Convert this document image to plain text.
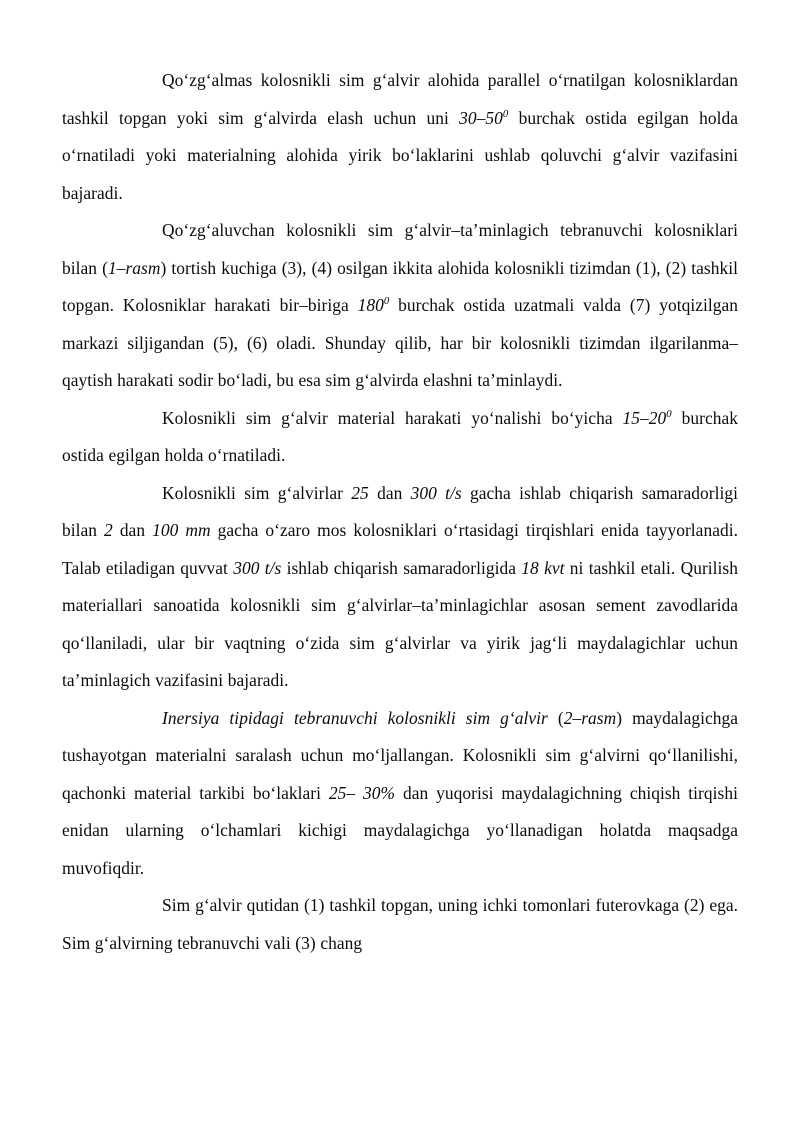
Qo‘zg‘almas kolosnikli sim g‘alvir alohida parallel o‘rnatilgan kolosniklardan tashkil topgan yoki sim g‘alvirda elash uchun uni $30-50^0$ burchak ostida egilgan holda o‘rnatiladi yoki materialning alohida yirik bo‘laklarini ushlab qoluvchi g‘alvir vazifasini bajaradi.

Qo‘zg‘aluvchan kolosnikli sim g‘alvir–ta’minlagich tebranuvchi kolosniklari bilan (1–rasm) tortish kuchiga (3), (4) osilgan ikkita alohida kolosnikli tizimdan (1), (2) tashkil topgan. Kolosniklar harakati bir–biriga $180^0$ burchak ostida uzatmali valda (7) yotqizilgan markazi siljigandan (5), (6) oladi. Shunday qilib, har bir kolosnikli tizimdan ilgarilanma–qaytish harakati sodir bo‘ladi, bu esa sim g‘alvirda elashni ta’minlaydi.

Kolosnikli sim g‘alvir material harakati yo‘nalishi bo‘yicha $15-20^0$ burchak ostida egilgan holda o‘rnatiladi.

Kolosnikli sim g‘alvirlar 25 dan 300 t/s gacha ishlab chiqarish samaradorligi bilan 2 dan 100 mm gacha o‘zaro mos kolosniklari o‘rtasidagi tirqishlari enida tayyorlanadi. Talab etiladigan quvvat 300 t/s ishlab chiqarish samaradorligida 18 kvt ni tashkil etali. Qurilish materiallari sanoatida kolosnikli sim g‘alvirlar–ta’minlagichlar asosan sement zavodlarida qo‘llaniladi, ular bir vaqtning o‘zida sim g‘alvirlar va yirik jag‘li maydalagichlar uchun ta’minlagich vazifasini bajaradi.

Inersiya tipidagi tebranuvchi kolosnikli sim g‘alvir (2–rasm) maydalagichga tushayotgan materialni saralash uchun mo‘ljallangan. Kolosnikli sim g‘alvirni qo‘llanilishi, qachonki material tarkibi bo‘laklari 25– 30% dan yuqorisi maydalagichning chiqish tirqishi enidan ularning o‘lchamlari kichigi maydalagichga yo‘llanadigan holatda maqsadga muvofiqdir.

Sim g‘alvir qutidan (1) tashkil topgan, uning ichki tomonlari futerovkaga (2) ega. Sim g‘alvirning tebranuvchi vali (3) chang
